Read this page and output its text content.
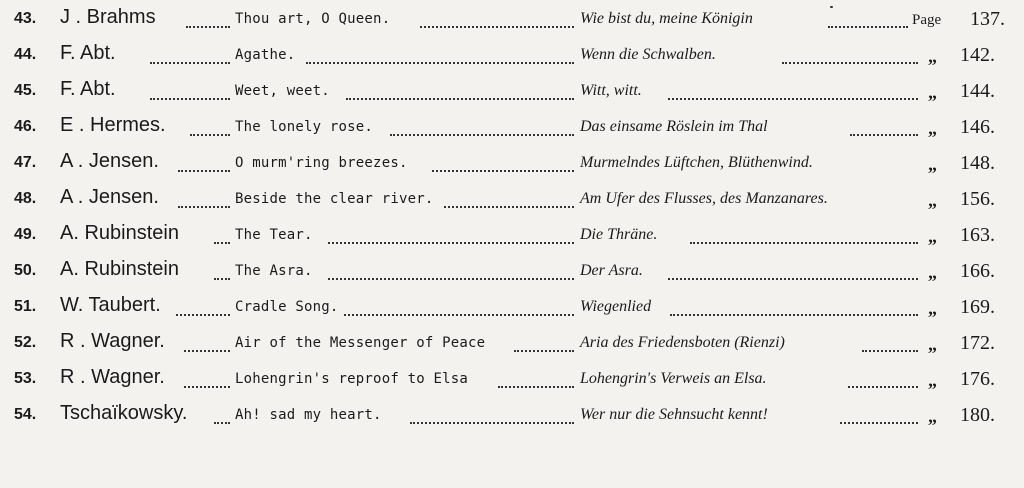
43. J . Brahms	Thou art, O Queen.	Wie bist du, meine Königin	Page 137.
44. F. Abt.	Agathe.	Wenn die Schwalben.	„ 142.
45. F. Abt.	Weet, weet.	Witt, witt.	„ 144.
46. E . Hermes.	The lonely rose.	Das einsame Röslein im Thal	„ 146.
47. A . Jensen.	O murm'ring breezes.	Murmelndes Lüftchen, Blüthenwind.	„ 148.
48. A . Jensen.	Beside the clear river.	Am Ufer des Flusses, des Manzanares.	„ 156.
49. A. Rubinstein	The Tear.	Die Thräne.	„ 163.
50. A. Rubinstein	The Asra.	Der Asra.	„ 166.
51. W. Taubert.	Cradle Song.	Wiegenlied	„ 169.
52. R . Wagner.	Air of the Messenger of Peace	Aria des Friedensboten (Rienzi)	„ 172.
53. R . Wagner.	Lohengrin's reproof to Elsa	Lohengrin's Verweis an Elsa.	„ 176.
54. Tschaïkowsky.	Ah! sad my heart.	Wer nur die Sehnsucht kennt!	„ 180.
